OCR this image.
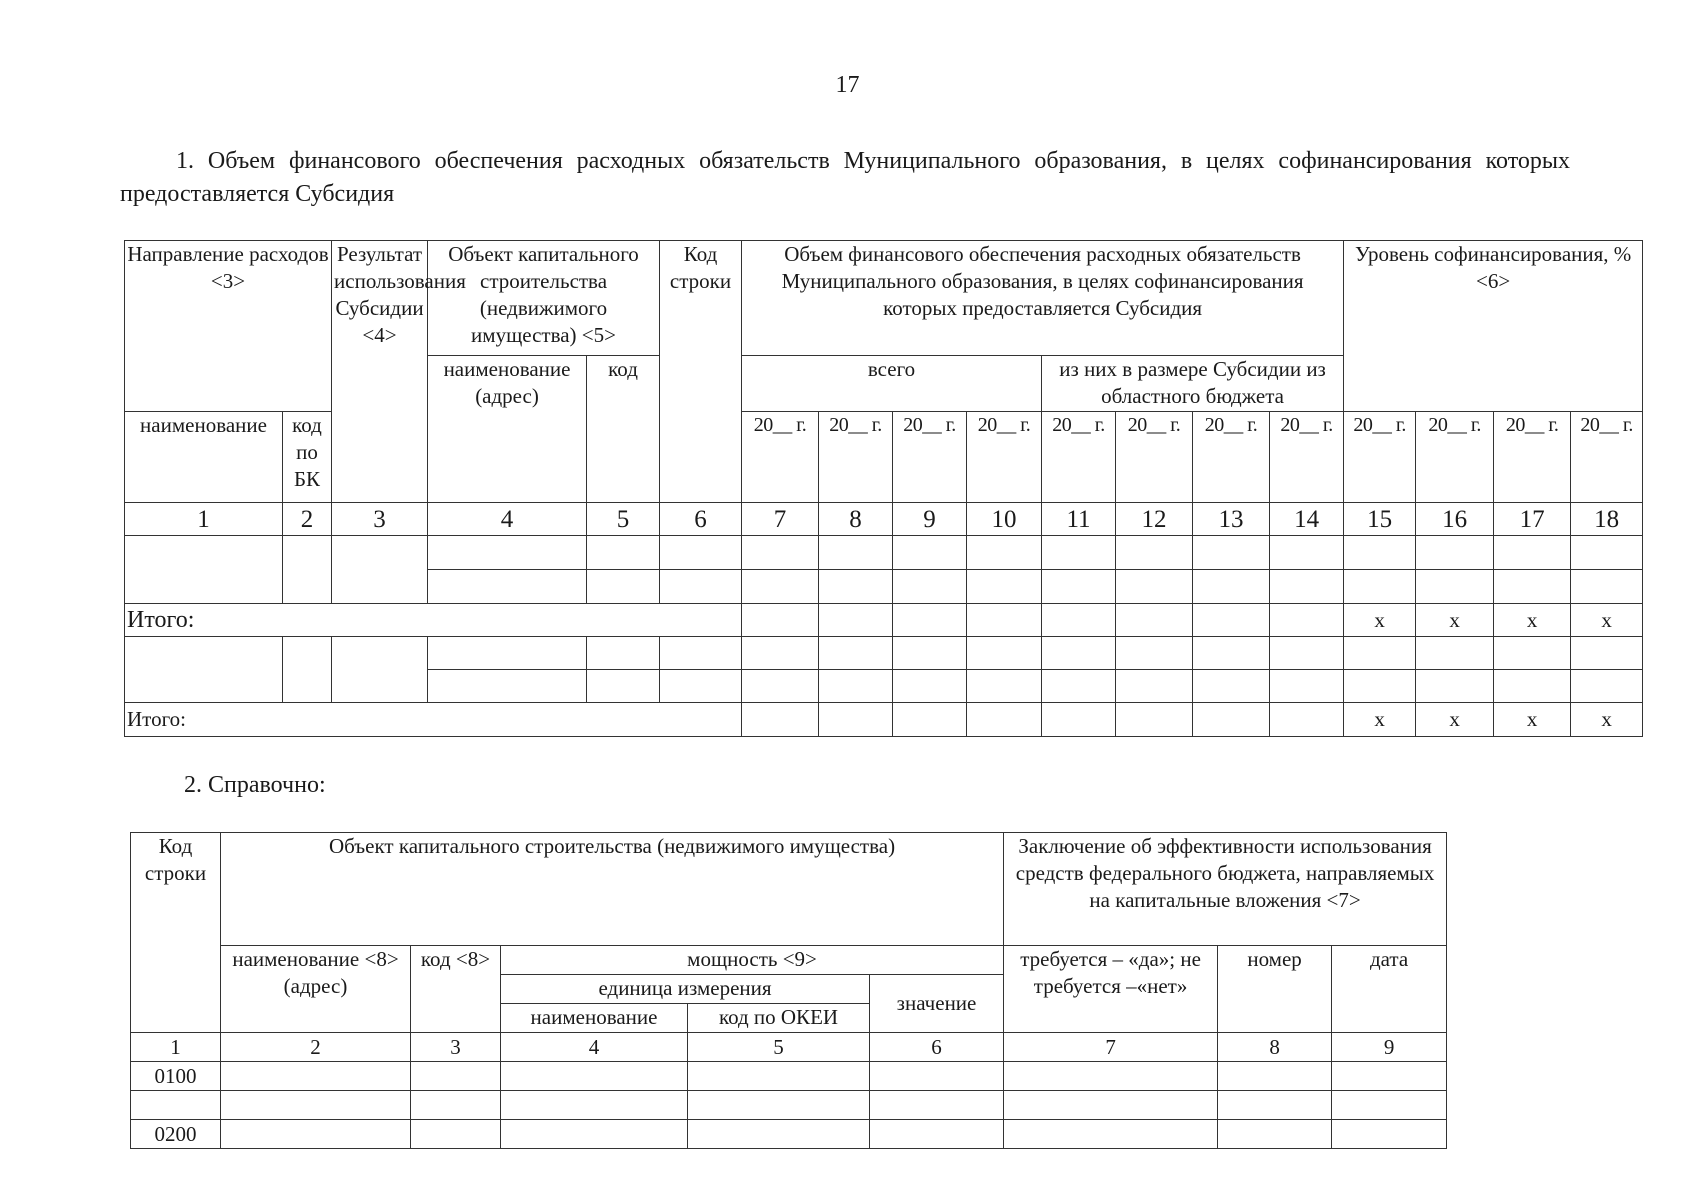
17
1. Объем финансового обеспечения расходных обязательств Муниципального образования, в целях софинансирования которых предоставляется Субсидия
Направление расходов <3>		Результат использования Субсидии <4>	Объект капитального строительства (недвижимого имущества) <5>		Код строки	Объем финансового обеспечения расходных обязательств Муниципального образования, в целях софинансирования которых предоставляется Субсидия								Уровень софинансирования, % <6>			
			наименование (адрес)	код		всего				из них в размере Субсидии из областного бюджета							
наименование	код по БК					20__ г.	20__ г.	20__ г.	20__ г.	20__ г.	20__ г.	20__ г.	20__ г.	20__ г.	20__ г.	20__ г.	20__ г.
1	2	3	4	5	6	7	8	9	10	11	12	13	14	15	16	17	18

Итого:														x	x	x	x

Итого:														x	x	x	x
2. Справочно:
Код строки	Объект капитального строительства (недвижимого имущества)					Заключение об эффективности использования средств федерального бюджета, направляемых на капитальные вложения <7>		
	наименование <8> (адрес)	код <8>	мощность <9>			требуется – «да»; не требуется –«нет»	номер	дата
			единица измерения		значение			
			наименование	код по ОКЕИ				
1	2	3	4	5	6	7	8	9
0100								

0200								
